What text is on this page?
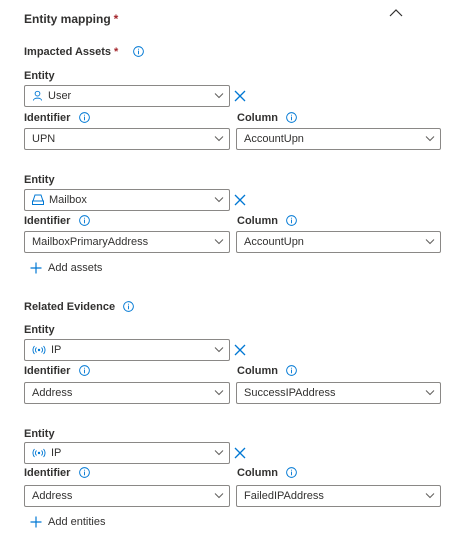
Entity mapping *
Impacted Assets *
Entity
User
Identifier	Column
UPN	AccountUpn
Entity
Mailbox
Identifier	Column
MailboxPrimaryAddress	AccountUpn
Add assets
Related Evidence
Entity
IP
Identifier	Column
Address	SuccessIPAddress
Entity
IP
Identifier	Column
Address	FailedIPAddress
Add entities
